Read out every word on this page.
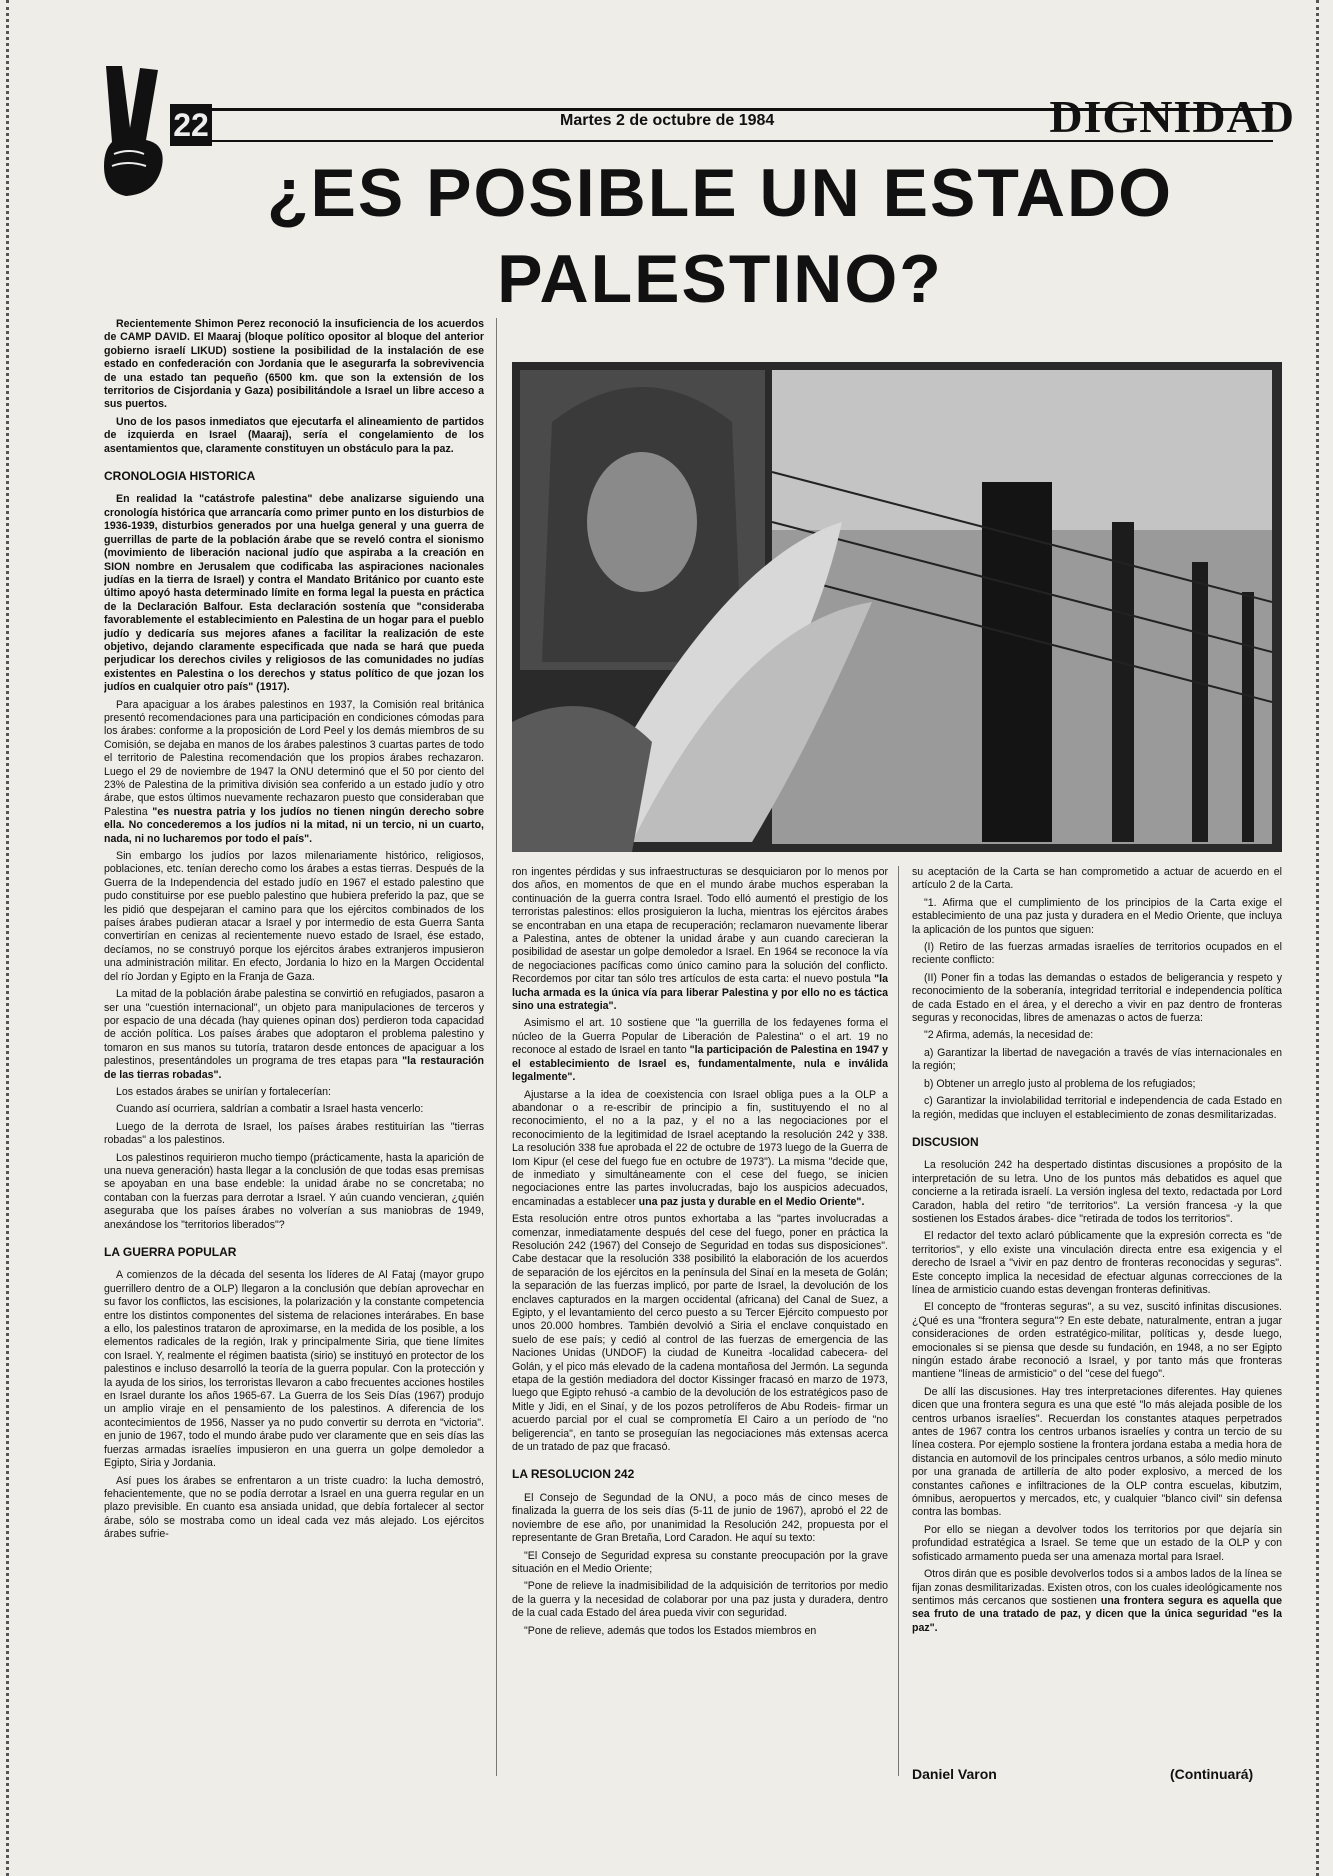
22	Martes 2 de octubre de 1984	DIGNIDAD
¿ES POSIBLE UN ESTADO
PALESTINO?

Recientemente Shimon Perez reconoció la insuficiencia de los acuerdos de CAMP DAVID. El Maaraj (bloque político opositor al bloque del anterior gobierno israelí LIKUD) sostiene la posibilidad de la instalación de ese estado en confederación con Jordania que le asegurarfa la sobrevivencia de una estado tan pequeño (6500 km. que son la extensión de los territorios de Cisjordania y Gaza) posibilitándole a Israel un libre acceso a sus puertos.

Uno de los pasos inmediatos que ejecutarfa el alineamiento de partidos de izquierda en Israel (Maaraj), sería el congelamiento de los asentamientos que, claramente constituyen un obstáculo para la paz.

CRONOLOGIA HISTORICA

En realidad la "catástrofe palestina" debe analizarse siguiendo una cronología histórica que arrancaría como primer punto en los disturbios de 1936-1939, disturbios generados por una huelga general y una guerra de guerrillas de parte de la población árabe que se reveló contra el sionismo (movimiento de liberación nacional judío que aspiraba a la creación en SION nombre en Jerusalem que codificaba las aspiraciones nacionales judías en la tierra de Israel) y contra el Mandato Británico por cuanto este último apoyó hasta determinado límite en forma legal la puesta en práctica de la Declaración Balfour. Esta declaración sostenía que "consideraba favorablemente el establecimiento en Palestina de un hogar para el pueblo judío y dedicaría sus mejores afanes a facilitar la realización de este objetivo, dejando claramente especificada que nada se hará que pueda perjudicar los derechos civiles y religiosos de las comunidades no judías existentes en Palestina o los derechos y status político de que jozan los judíos en cualquier otro país" (1917).

Para apaciguar a los árabes palestinos en 1937, la Comisión real británica presentó recomendaciones para una participación en condiciones cómodas para los árabes: conforme a la proposición de Lord Peel y los demás miembros de su Comisión, se dejaba en manos de los árabes palestinos 3 cuartas partes de todo el territorio de Palestina recomendación que los propios árabes rechazaron. Luego el 29 de noviembre de 1947 la ONU determinó que el 50 por ciento del 23% de Palestina de la primitiva división sea conferido a un estado judío y otro árabe, que estos últimos nuevamente rechazaron puesto que consideraban que Palestina "es nuestra patria y los judíos no tienen ningún derecho sobre ella. No concederemos a los judíos ni la mitad, ni un tercio, ni un cuarto, nada, ni no lucharemos por todo el país".

Sin embargo los judíos por lazos milenariamente histórico, religiosos, poblaciones, etc. tenían derecho como los árabes a estas tierras. Después de la Guerra de la Independencia del estado judío en 1967 el estado palestino que pudo constituirse por ese pueblo palestino que hubiera preferido la paz, que se les pidió que despejaran el camino para que los ejércitos combinados de los países árabes pudieran atacar a Israel y por intermedio de esta Guerra Santa convertirían en cenizas al recientemente nuevo estado de Israel, ése estado, decíamos, no se construyó porque los ejércitos árabes extranjeros impusieron una administración militar. En efecto, Jordania lo hizo en la Margen Occidental del río Jordan y Egipto en la Franja de Gaza.

La mitad de la población árabe palestina se convirtió en refugiados, pasaron a ser una "cuestión internacional", un objeto para manipulaciones de terceros y por espacio de una década (hay quienes opinan dos) perdieron toda capacidad de acción política. Los países árabes que adoptaron el problema palestino y tomaron en sus manos su tutoría, trataron desde entonces de apaciguar a los palestinos, presentándoles un programa de tres etapas para "la restauración de las tierras robadas".

Los estados árabes se unirían y fortalecerían:

Cuando así ocurriera, saldrían a combatir a Israel hasta vencerlo:

Luego de la derrota de Israel, los países árabes restituirían las "tierras robadas" a los palestinos.

Los palestinos requirieron mucho tiempo (prácticamente, hasta la aparición de una nueva generación) hasta llegar a la conclusión de que todas esas premisas se apoyaban en una base endeble: la unidad árabe no se concretaba; no contaban con la fuerzas para derrotar a Israel. Y aún cuando vencieran, ¿quién aseguraba que los países árabes no volverían a sus maniobras de 1949, anexándose los "territorios liberados"?

LA GUERRA POPULAR

A comienzos de la década del sesenta los líderes de Al Fataj (mayor grupo guerrillero dentro de a OLP) llegaron a la conclusión que debían aprovechar en su favor los conflictos, las escisiones, la polarización y la constante competencia entre los distintos componentes del sistema de relaciones interárabes. En base a ello, los palestinos trataron de aproximarse, en la medida de los posible, a los elementos radicales de la región, Irak y principalmente Siria, que tiene límites con Israel. Y, realmente el régimen baatista (sirio) se instituyó en protector de los palestinos e incluso desarrolló la teoría de la guerra popular. Con la protección y la ayuda de los sirios, los terroristas llevaron a cabo frecuentes acciones hostiles en Israel durante los años 1965-67. La Guerra de los Seis Días (1967) produjo un amplio viraje en el pensamiento de los palestinos. A diferencia de los acontecimientos de 1956, Nasser ya no pudo convertir su derrota en "victoria". en junio de 1967, todo el mundo árabe pudo ver claramente que en seis días las fuerzas armadas israelíes impusieron en una guerra un golpe demoledor a Egipto, Siria y Jordania.

Así pues los árabes se enfrentaron a un triste cuadro: la lucha demostró, fehacientemente, que no se podía derrotar a Israel en una guerra regular en un plazo previsible. En cuanto esa ansiada unidad, que debía fortalecer al sector árabe, sólo se mostraba como un ideal cada vez más alejado. Los ejércitos árabes sufrie-

ron ingentes pérdidas y sus infraestructuras se desquiciaron por lo menos por dos años, en momentos de que en el mundo árabe muchos esperaban la continuación de la guerra contra Israel. Todo elló aumentó el prestigio de los terroristas palestinos: ellos prosiguieron la lucha, mientras los ejércitos árabes se encontraban en una etapa de recuperación; reclamaron nuevamente liberar a Palestina, antes de obtener la unidad árabe y aun cuando carecieran la posibilidad de asestar un golpe demoledor a Israel. En 1964 se reconoce la vía de negociaciones pacíficas como único camino para la solución del conflicto. Recordemos por citar tan sólo tres artículos de esta carta: el nuevo postula "la lucha armada es la única vía para liberar Palestina y por ello no es táctica sino una estrategia".

Asimismo el art. 10 sostiene que "la guerrilla de los fedayenes forma el núcleo de la Guerra Popular de Liberación de Palestina" o el art. 19 no reconoce al estado de Israel en tanto "la participación de Palestina en 1947 y el establecimiento de Israel es, fundamentalmente, nula e inválida legalmente".

Ajustarse a la idea de coexistencia con Israel obliga pues a la OLP a abandonar o a re-escribir de principio a fin, sustituyendo el no al reconocimiento, el no a la paz, y el no a las negociaciones por el reconocimiento de la legitimidad de Israel aceptando la resolución 242 y 338. La resolución 338 fue aprobada el 22 de octubre de 1973 luego de la Guerra de Iom Kipur (el cese del fuego fue en octubre de 1973"). La misma "decide que, de inmediato y simultáneamente con el cese del fuego, se inicien negociaciones entre las partes involucradas, bajo los auspicios adecuados, encaminadas a establecer una paz justa y durable en el Medio Oriente".

Esta resolución entre otros puntos exhortaba a las "partes involucradas a comenzar, inmediatamente después del cese del fuego, poner en práctica la Resolución 242 (1967) del Consejo de Seguridad en todas sus disposiciones". Cabe destacar que la resolución 338 posibilitó la elaboración de los acuerdos de separación de los ejércitos en la península del Sinaí en la meseta de Golán; la separación de las fuerzas implicó, por parte de Israel, la devolución de los enclaves capturados en la margen occidental (africana) del Canal de Suez, a Egipto, y el levantamiento del cerco puesto a su Tercer Ejército compuesto por unos 20.000 hombres. También devolvió a Siria el enclave conquistado en suelo de ese país; y cedió al control de las fuerzas de emergencia de las Naciones Unidas (UNDOF) la ciudad de Kuneitra -localidad cabecera- del Golán, y el pico más elevado de la cadena montañosa del Jermón. La segunda etapa de la gestión mediadora del doctor Kissinger fracasó en marzo de 1973, luego que Egipto rehusó -a cambio de la devolución de los estratégicos paso de Mitle y Jidi, en el Sinaí, y de los pozos petrolíferos de Abu Rodeis- firmar un acuerdo parcial por el cual se comprometía El Cairo a un período de "no beligerencia", en tanto se proseguían las negociaciones más extensas acerca de un tratado de paz que fracasó.

LA RESOLUCION 242

El Consejo de Segundad de la ONU, a poco más de cinco meses de finalizada la guerra de los seis días (5-11 de junio de 1967), aprobó el 22 de noviembre de ese año, por unanimidad la Resolución 242, propuesta por el representante de Gran Bretaña, Lord Caradon. He aquí su texto:

"El Consejo de Seguridad expresa su constante preocupación por la grave situación en el Medio Oriente;

"Pone de relieve la inadmisibilidad de la adquisición de territorios por medio de la guerra y la necesidad de colaborar por una paz justa y duradera, dentro de la cual cada Estado del área pueda vivir con seguridad.

"Pone de relieve, además que todos los Estados miembros en

su aceptación de la Carta se han comprometido a actuar de acuerdo en el artículo 2 de la Carta.

"1. Afirma que el cumplimiento de los principios de la Carta exige el establecimiento de una paz justa y duradera en el Medio Oriente, que incluya la aplicación de los puntos que siguen:

(I) Retiro de las fuerzas armadas israelíes de territorios ocupados en el reciente conflicto:

(II) Poner fin a todas las demandas o estados de beligerancia y respeto y reconocimiento de la soberanía, integridad territorial e independencia política de cada Estado en el área, y el derecho a vivir en paz dentro de fronteras seguras y reconocidas, libres de amenazas o actos de fuerza:

"2 Afirma, además, la necesidad de:

a) Garantizar la libertad de navegación a través de vías internacionales en la región;

b) Obtener un arreglo justo al problema de los refugiados;

c) Garantizar la inviolabilidad territorial e independencia de cada Estado en la región, medidas que incluyen el establecimiento de zonas desmilitarizadas.

DISCUSION

La resolución 242 ha despertado distintas discusiones a propósito de la interpretación de su letra. Uno de los puntos más debatidos es aquel que concierne a la retirada israelí. La versión inglesa del texto, redactada por Lord Caradon, habla del retiro "de territorios". La versión francesa -y la que sostienen los Estados árabes- dice "retirada de todos los territorios".

El redactor del texto aclaró públicamente que la expresión correcta es "de territorios", y ello existe una vinculación directa entre esa exigencia y el derecho de Israel a "vivir en paz dentro de fronteras reconocidas y seguras". Este concepto implica la necesidad de efectuar algunas correcciones de la línea de armisticio cuando estas devengan fronteras definitivas.

El concepto de "fronteras seguras", a su vez, suscitó infinitas discusiones. ¿Qué es una "frontera segura"? En este debate, naturalmente, entran a jugar consideraciones de orden estratégico-militar, políticas y, desde luego, emocionales si se piensa que desde su fundación, en 1948, a no ser Egipto ningún estado árabe reconoció a Israel, y por tanto más que fronteras mantiene "líneas de armisticio" o del "cese del fuego".

De allí las discusiones. Hay tres interpretaciones diferentes. Hay quienes dicen que una frontera segura es una que esté "lo más alejada posible de los centros urbanos israelíes". Recuerdan los constantes ataques perpetrados antes de 1967 contra los centros urbanos israelíes y contra un tercio de su línea costera. Por ejemplo sostiene la frontera jordana estaba a media hora de distancia en automovil de los principales centros urbanos, a sólo medio minuto por una granada de artillería de alto poder explosivo, a merced de los constantes cañones e infiltraciones de la OLP contra escuelas, kibutzim, ómnibus, aeropuertos y mercados, etc, y cualquier "blanco civil" sin defensa contra las bombas.

Por ello se niegan a devolver todos los territorios por que dejaría sin profundidad estratégica a Israel. Se teme que un estado de la OLP y con sofisticado armamento pueda ser una amenaza mortal para Israel.

Otros dirán que es posible devolverlos todos si a ambos lados de la línea se fijan zonas desmilitarizadas. Existen otros, con los cuales ideológicamente nos sentimos más cercanos que sostienen una frontera segura es aquella que sea fruto de una tratado de paz, y dicen que la única seguridad "es la paz".

Daniel Varon	(Continuará)
